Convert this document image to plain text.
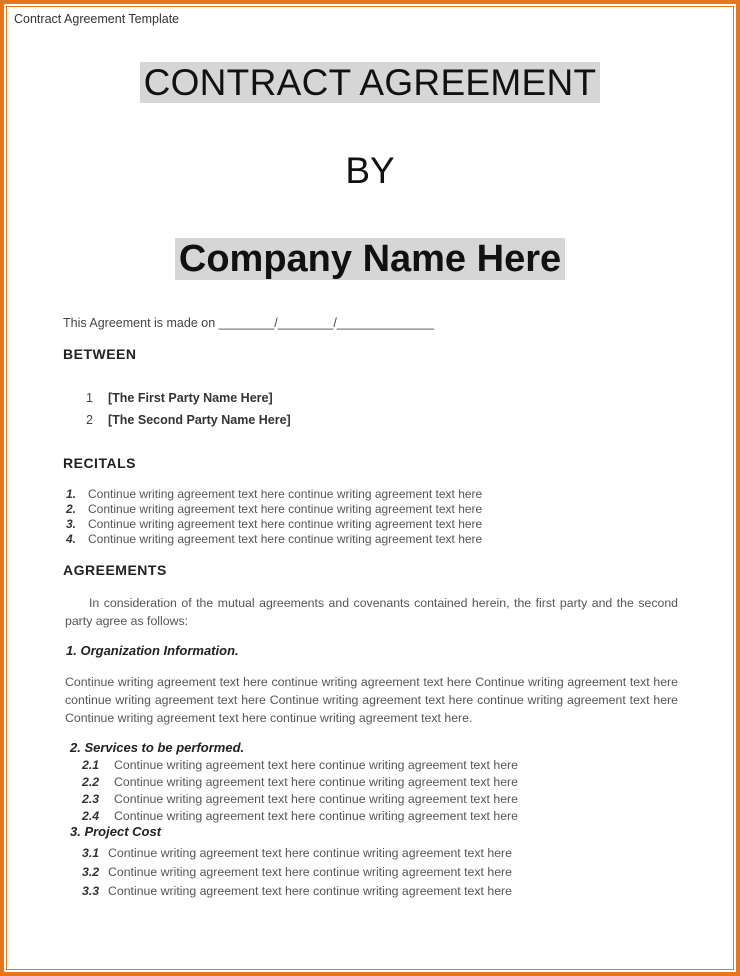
Contract Agreement Template
CONTRACT AGREEMENT
BY
Company Name Here
This Agreement is made on ________/________/______________
BETWEEN
1 [The First Party Name Here]
2 [The Second Party Name Here]
RECITALS
1. Continue writing agreement text here continue writing agreement text here
2. Continue writing agreement text here continue writing agreement text here
3. Continue writing agreement text here continue writing agreement text here
4. Continue writing agreement text here continue writing agreement text here
AGREEMENTS
In consideration of the mutual agreements and covenants contained herein, the first party and the second party agree as follows:
1. Organization Information.
Continue writing agreement text here continue writing agreement text here Continue writing agreement text here continue writing agreement text here Continue writing agreement text here continue writing agreement text here Continue writing agreement text here continue writing agreement text here.
2. Services to be performed.
2.1 Continue writing agreement text here continue writing agreement text here
2.2 Continue writing agreement text here continue writing agreement text here
2.3 Continue writing agreement text here continue writing agreement text here
2.4 Continue writing agreement text here continue writing agreement text here
3. Project Cost
3.1 Continue writing agreement text here continue writing agreement text here
3.2 Continue writing agreement text here continue writing agreement text here
3.3 Continue writing agreement text here continue writing agreement text here
